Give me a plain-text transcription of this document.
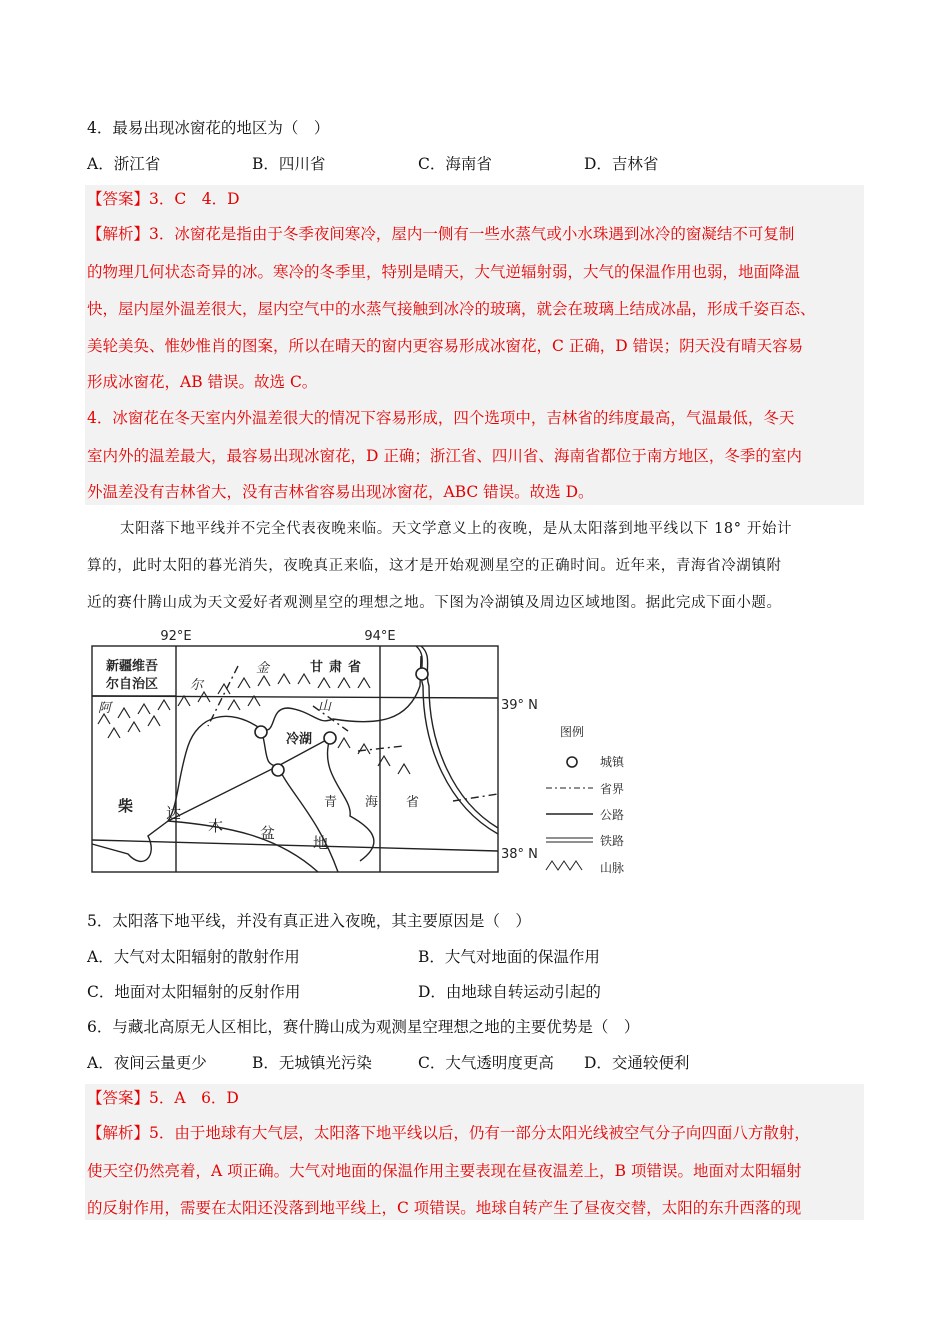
4．最易出现冰窗花的地区为（　）
A．浙江省	B．四川省	C．海南省	D．吉林省
【答案】3．C　4．D
【解析】3．冰窗花是指由于冬季夜间寒冷，屋内一侧有一些水蒸气或小水珠遇到冰冷的窗凝结不可复制
的物理几何状态奇异的冰。寒冷的冬季里，特别是晴天，大气逆辐射弱，大气的保温作用也弱，地面降温
快，屋内屋外温差很大，屋内空气中的水蒸气接触到冰冷的玻璃，就会在玻璃上结成冰晶，形成千姿百态、
美轮美奂、惟妙惟肖的图案，所以在晴天的窗内更容易形成冰窗花，C 正确，D 错误；阴天没有晴天容易
形成冰窗花，AB 错误。故选 C。
4．冰窗花在冬天室内外温差很大的情况下容易形成，四个选项中，吉林省的纬度最高，气温最低，冬天
室内外的温差最大，最容易出现冰窗花，D 正确；浙江省、四川省、海南省都位于南方地区，冬季的室内
外温差没有吉林省大，没有吉林省容易出现冰窗花，ABC 错误。故选 D。
太阳落下地平线并不完全代表夜晚来临。天文学意义上的夜晚，是从太阳落到地平线以下 18° 开始计
算的，此时太阳的暮光消失，夜晚真正来临，这才是开始观测星空的正确时间。近年来，青海省冷湖镇附
近的赛什腾山成为天文爱好者观测星空的理想之地。下图为冷湖镇及周边区域地图。据此完成下面小题。
92°E	94°E
39° N
38° N
新疆维吾
尔自治区
甘肃省
冷湖
阿
尔
金
山
柴 达
木 盆
地
青 海 省
图例
城镇
省界
公路
铁路
山脉
5．太阳落下地平线，并没有真正进入夜晚，其主要原因是（　）
A．大气对太阳辐射的散射作用	B．大气对地面的保温作用
C．地面对太阳辐射的反射作用	D．由地球自转运动引起的
6．与藏北高原无人区相比，赛什腾山成为观测星空理想之地的主要优势是（　）
A．夜间云量更少	B．无城镇光污染	C．大气透明度更高 D．交通较便利
【答案】5．A　6．D
【解析】5．由于地球有大气层，太阳落下地平线以后，仍有一部分太阳光线被空气分子向四面八方散射，
使天空仍然亮着，A 项正确。大气对地面的保温作用主要表现在昼夜温差上，B 项错误。地面对太阳辐射
的反射作用，需要在太阳还没落到地平线上，C 项错误。地球自转产生了昼夜交替，太阳的东升西落的现
